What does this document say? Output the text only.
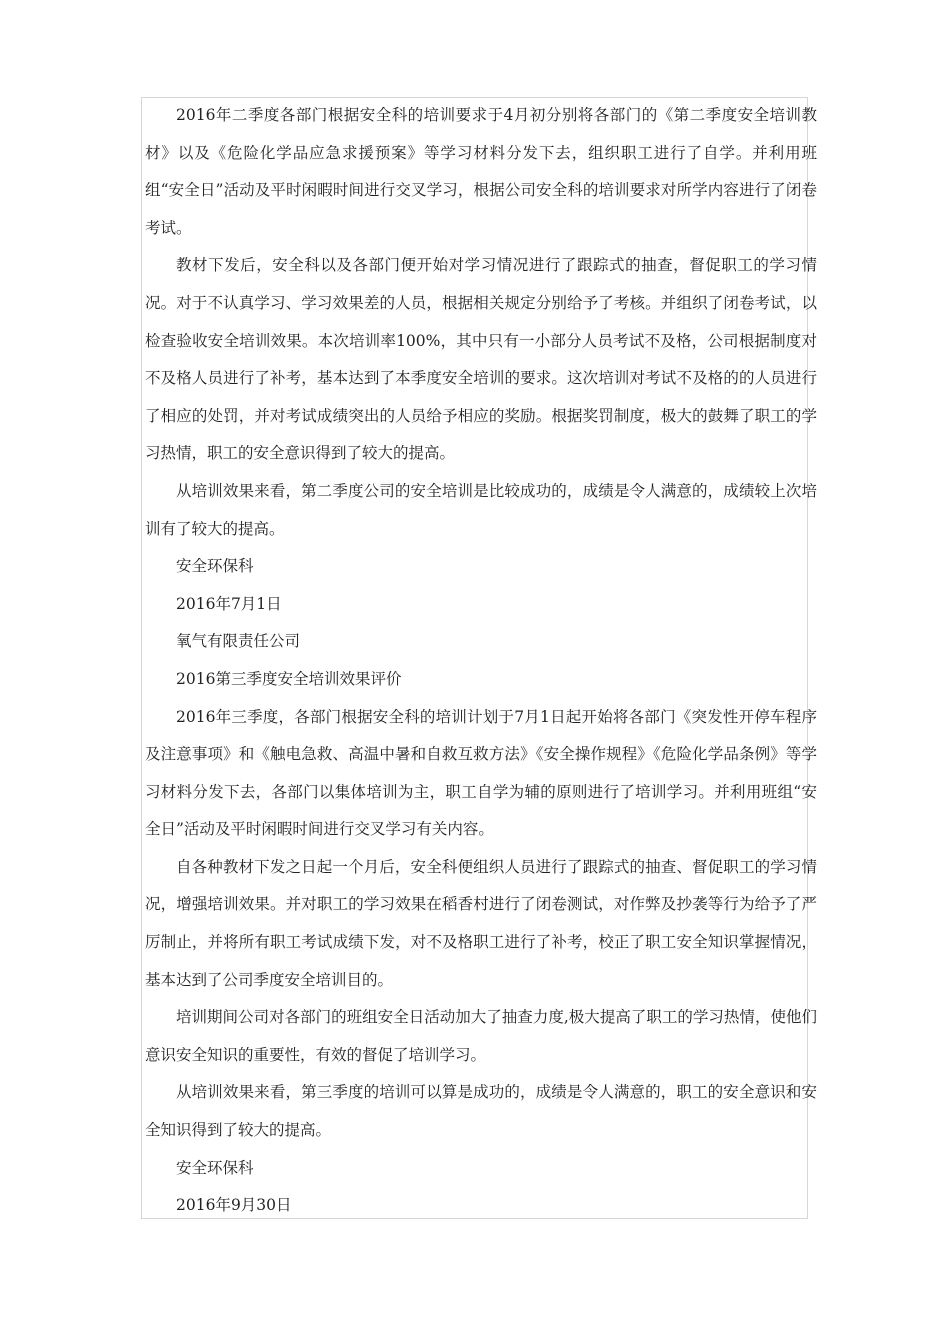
2016年二季度各部门根据安全科的培训要求于4月初分别将各部门的《第二季度安全培训教材》以及《危险化学品应急求援预案》等学习材料分发下去，组织职工进行了自学。并利用班组“安全日”活动及平时闲暇时间进行交叉学习，根据公司安全科的培训要求对所学内容进行了闭卷考试。

教材下发后，安全科以及各部门便开始对学习情况进行了跟踪式的抽查，督促职工的学习情况。对于不认真学习、学习效果差的人员，根据相关规定分别给予了考核。并组织了闭卷考试，以检查验收安全培训效果。本次培训率100%，其中只有一小部分人员考试不及格，公司根据制度对不及格人员进行了补考，基本达到了本季度安全培训的要求。这次培训对考试不及格的的人员进行了相应的处罚，并对考试成绩突出的人员给予相应的奖励。根据奖罚制度，极大的鼓舞了职工的学习热情，职工的安全意识得到了较大的提高。

从培训效果来看，第二季度公司的安全培训是比较成功的，成绩是令人满意的，成绩较上次培训有了较大的提高。

安全环保科

2016年7月1日

氧气有限责任公司

2016第三季度安全培训效果评价

2016年三季度，各部门根据安全科的培训计划于7月1日起开始将各部门《突发性开停车程序及注意事项》和《触电急救、高温中暑和自救互救方法》《安全操作规程》《危险化学品条例》等学习材料分发下去，各部门以集体培训为主，职工自学为辅的原则进行了培训学习。并利用班组“安全日”活动及平时闲暇时间进行交叉学习有关内容。

自各种教材下发之日起一个月后，安全科便组织人员进行了跟踪式的抽查、督促职工的学习情况，增强培训效果。并对职工的学习效果在稻香村进行了闭卷测试，对作弊及抄袭等行为给予了严厉制止，并将所有职工考试成绩下发，对不及格职工进行了补考，校正了职工安全知识掌握情况，基本达到了公司季度安全培训目的。

培训期间公司对各部门的班组安全日活动加大了抽查力度,极大提高了职工的学习热情，使他们意识安全知识的重要性，有效的督促了培训学习。

从培训效果来看，第三季度的培训可以算是成功的，成绩是令人满意的，职工的安全意识和安全知识得到了较大的提高。

安全环保科

2016年9月30日
